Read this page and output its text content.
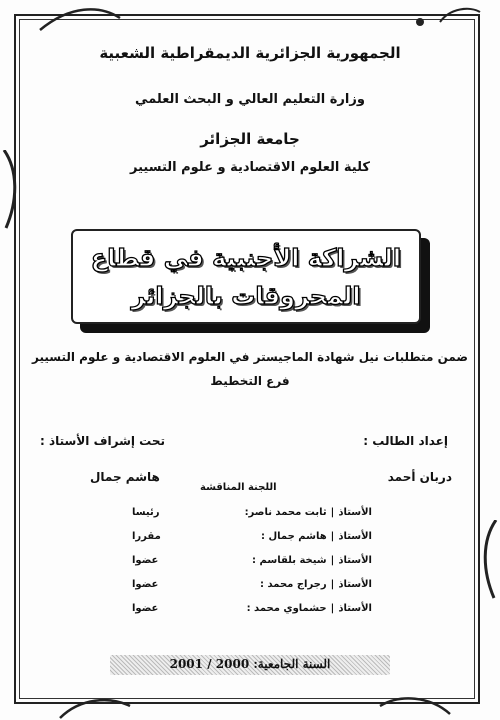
الجمهورية الجزائرية الديمقراطية الشعبية
وزارة التعليم العالي و البحث العلمي
جامعة الجزائر
كلية العلوم الاقتصادية و علوم التسيير
الشراكة الأجنبية في قطاع
المحروقات بالجزائر
ضمن متطلبات نيل شهادة الماجيستر في العلوم الاقتصادية و علوم التسيير
فرع التخطيط
إعداد الطالب :
تحت إشراف الأستاذ :
دربان أحمد
هاشم جمال
اللجنة المناقشة
الأستاذ
|
ثابت محمد ناصر:
رئيسا
الأستاذ
|
هاشم جمال :
مقررا
الأستاذ
|
شيخة بلقاسم :
عضوا
الأستاذ
|
رجراج محمد :
عضوا
الأستاذ
|
حشماوي محمد :
عضوا
السنة الجامعية: 2000 / 2001
